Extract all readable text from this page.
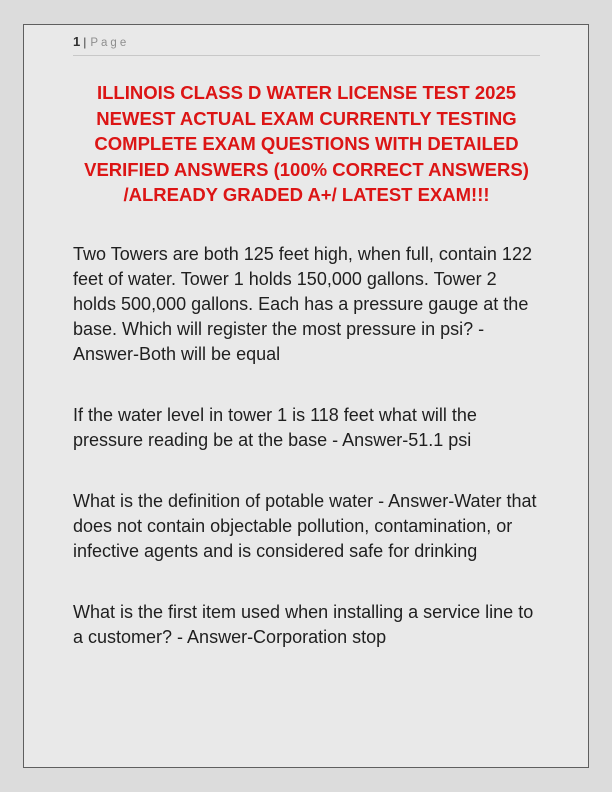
1 | Page
ILLINOIS CLASS D WATER LICENSE TEST 2025 NEWEST ACTUAL EXAM CURRENTLY TESTING COMPLETE EXAM QUESTIONS WITH DETAILED VERIFIED ANSWERS (100% CORRECT ANSWERS) /ALREADY GRADED A+/ LATEST EXAM!!!

Two Towers are both 125 feet high, when full, contain 122 feet of water. Tower 1 holds 150,000 gallons. Tower 2 holds 500,000 gallons. Each has a pressure gauge at the base. Which will register the most pressure in psi? - Answer-Both will be equal

If the water level in tower 1 is 118 feet what will the pressure reading be at the base - Answer-51.1 psi

What is the definition of potable water - Answer-Water that does not contain objectable pollution, contamination, or infective agents and is considered safe for drinking

What is the first item used when installing a service line to a customer? - Answer-Corporation stop
